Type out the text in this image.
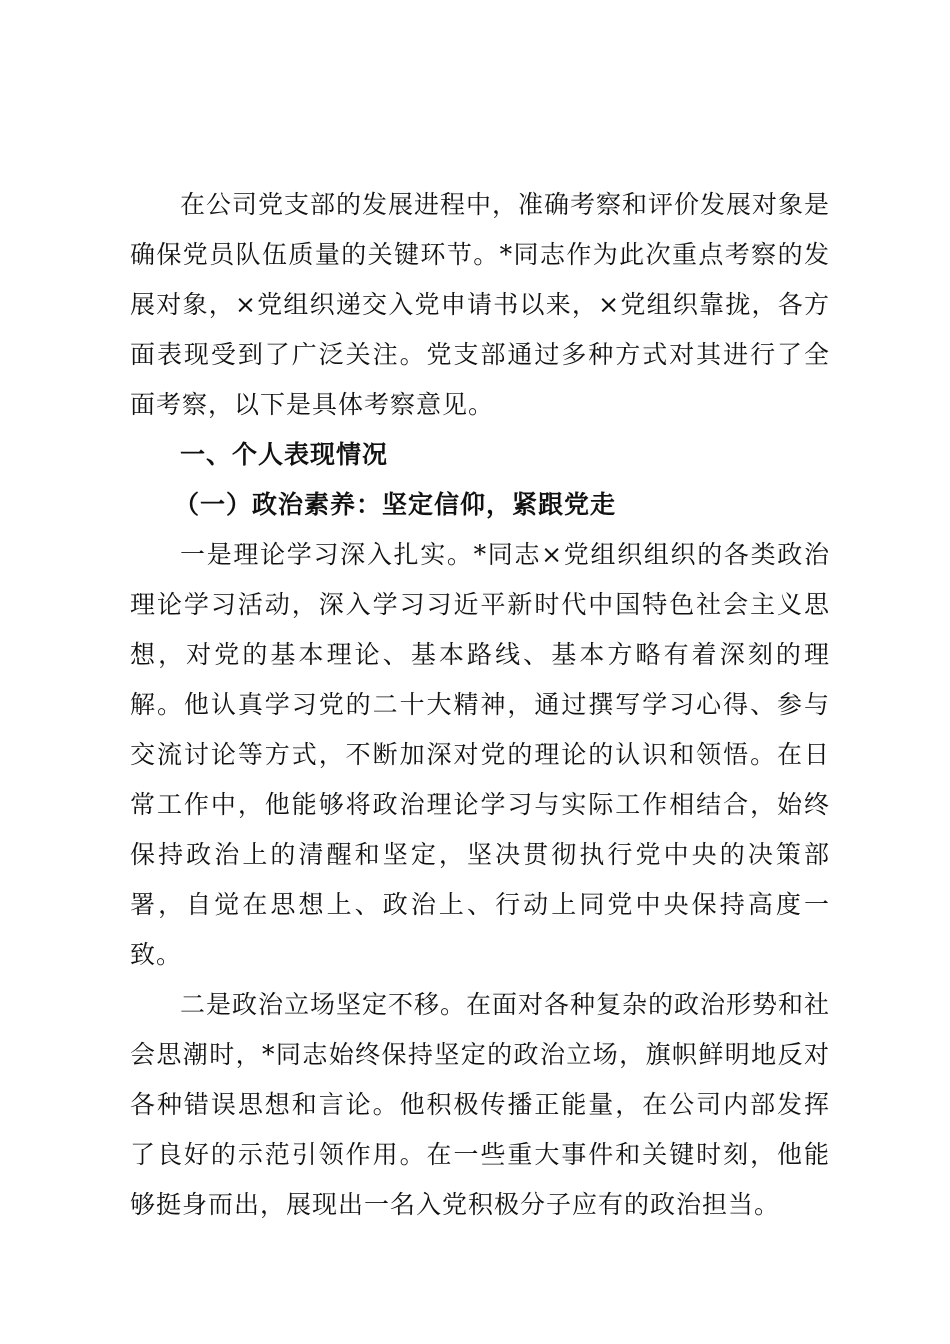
在公司党支部的发展进程中，准确考察和评价发展对象是确保党员队伍质量的关键环节。*同志作为此次重点考察的发展对象，×党组织递交入党申请书以来，×党组织靠拢，各方面表现受到了广泛关注。党支部通过多种方式对其进行了全面考察，以下是具体考察意见。

一、个人表现情况

（一）政治素养：坚定信仰，紧跟党走

一是理论学习深入扎实。*同志×党组织组织的各类政治理论学习活动，深入学习习近平新时代中国特色社会主义思想，对党的基本理论、基本路线、基本方略有着深刻的理解。他认真学习党的二十大精神，通过撰写学习心得、参与交流讨论等方式，不断加深对党的理论的认识和领悟。在日常工作中，他能够将政治理论学习与实际工作相结合，始终保持政治上的清醒和坚定，坚决贯彻执行党中央的决策部署，自觉在思想上、政治上、行动上同党中央保持高度一致。

二是政治立场坚定不移。在面对各种复杂的政治形势和社会思潮时，*同志始终保持坚定的政治立场，旗帜鲜明地反对各种错误思想和言论。他积极传播正能量，在公司内部发挥了良好的示范引领作用。在一些重大事件和关键时刻，他能够挺身而出，展现出一名入党积极分子应有的政治担当。
